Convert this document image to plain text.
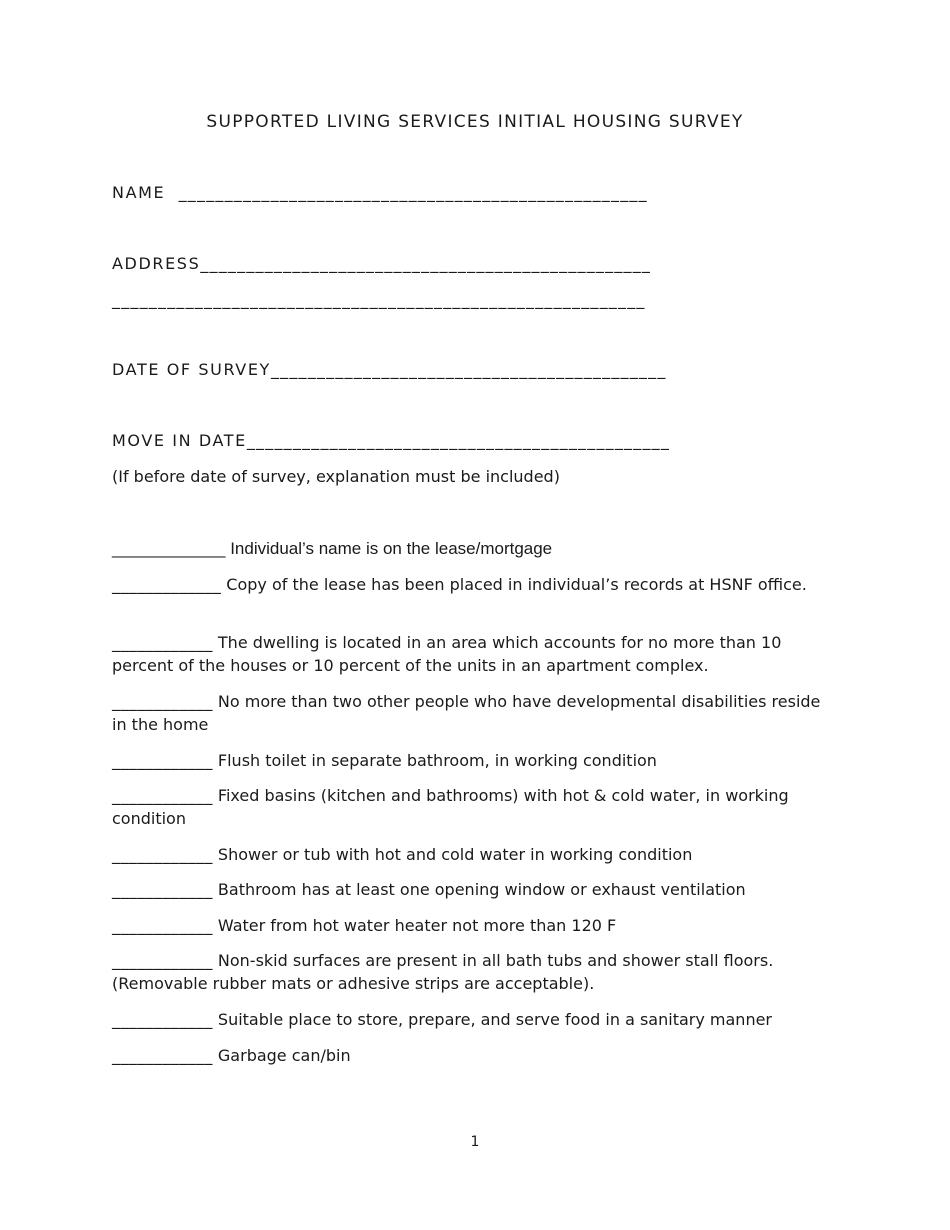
SUPPORTED LIVING SERVICES INITIAL HOUSING SURVEY
NAME ___________________________________________________
ADDRESS_________________________________________________
__________________________________________________________
DATE OF SURVEY___________________________________________
MOVE IN DATE______________________________________________
(If before date of survey, explanation must be included)
____________ Individual’s name is on the lease/mortgage
_____________ Copy of the lease has been placed in individual’s records at HSNF office.
____________ The dwelling is located in an area which accounts for no more than 10 percent of the houses or 10 percent of the units in an apartment complex.
____________ No more than two other people who have developmental disabilities reside in the home
____________ Flush toilet in separate bathroom, in working condition
____________ Fixed basins (kitchen and bathrooms) with hot & cold water, in working condition
____________ Shower or tub with hot and cold water in working condition
____________ Bathroom has at least one opening window or exhaust ventilation
____________ Water from hot water heater not more than 120 F
____________ Non-skid surfaces are present in all bath tubs and shower stall floors. (Removable rubber mats or adhesive strips are acceptable).
____________ Suitable place to store, prepare, and serve food in a sanitary manner
____________ Garbage can/bin
1
